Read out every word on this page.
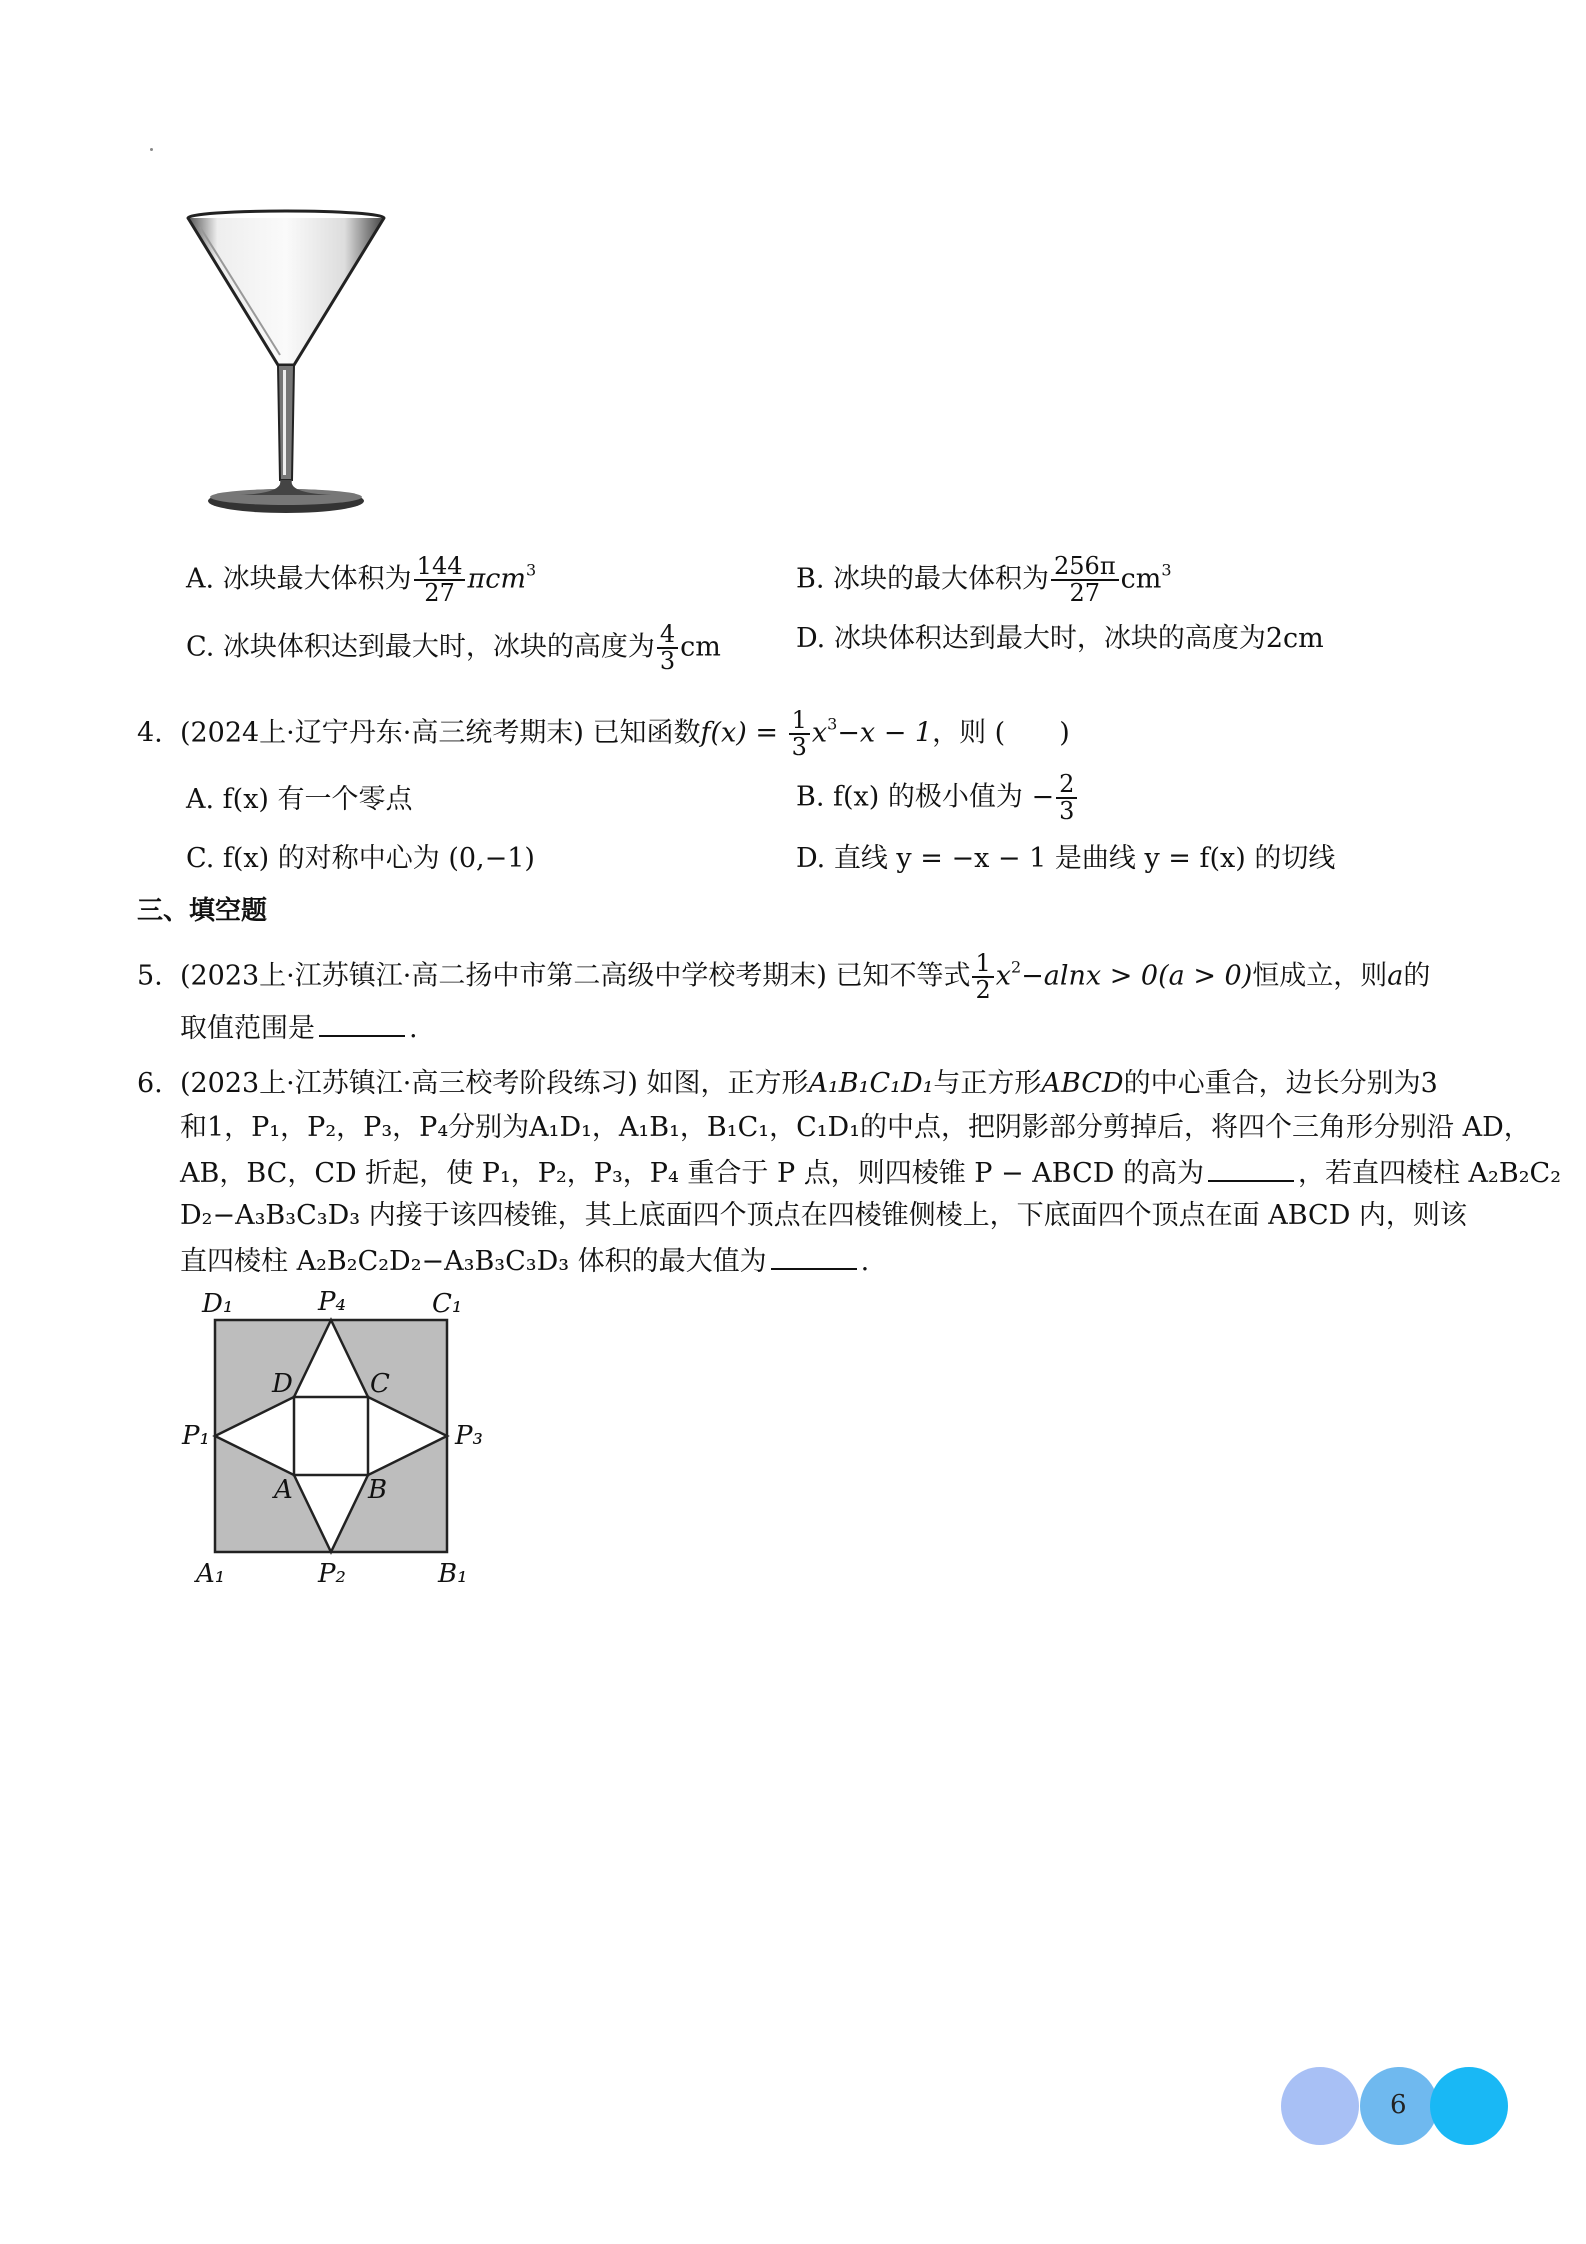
A. 冰块最大体积为 $\frac{144}{27} \pi cm^3$	B. 冰块的最大体积为 $\frac{256\pi}{27} cm^3$
C. 冰块体积达到最大时，冰块的高度为 $\frac{4}{3}$ cm	D. 冰块体积达到最大时，冰块的高度为2cm
4. (2024上·辽宁丹东·高三统考期末) 已知函数$f(x) = \frac{1}{3} x^3-x - 1$，则 (　　)
A. f(x) 有一个零点	B. f(x) 的极小值为 − $\frac{2}{3}$
C. f(x) 的对称中心为 (0,−1)	D. 直线 y = −x − 1 是曲线 y = f(x) 的切线
三、填空题
5. (2023上·江苏镇江·高二扬中市第二高级中学校考期末) 已知不等式 $\frac{1}{2} x^2-alnx > 0(a > 0)$恒成立，则a的
取值范围是	.
6. (2023上·江苏镇江·高三校考阶段练习) 如图，正方形A₁B₁C₁D₁与正方形ABCD的中心重合，边长分别为3
和1，P₁，P₂，P₃，P₄分别为A₁D₁，A₁B₁，B₁C₁，C₁D₁的中点，把阴影部分剪掉后，将四个三角形分别沿 AD，
AB，BC，CD 折起，使 P₁，P₂，P₃，P₄ 重合于 P 点，则四棱锥 P − ABCD 的高为	，若直四棱柱 A₂B₂C₂
D₂−A₃B₃C₃D₃ 内接于该四棱锥，其上底面四个顶点在四棱锥侧棱上，下底面四个顶点在面 ABCD 内，则该
直四棱柱 A₂B₂C₂D₂−A₃B₃C₃D₃ 体积的最大值为	.
D₁	P₄	C₁
D	C
P₁	P₃
A	B
A₁	P₂	B₁
6
